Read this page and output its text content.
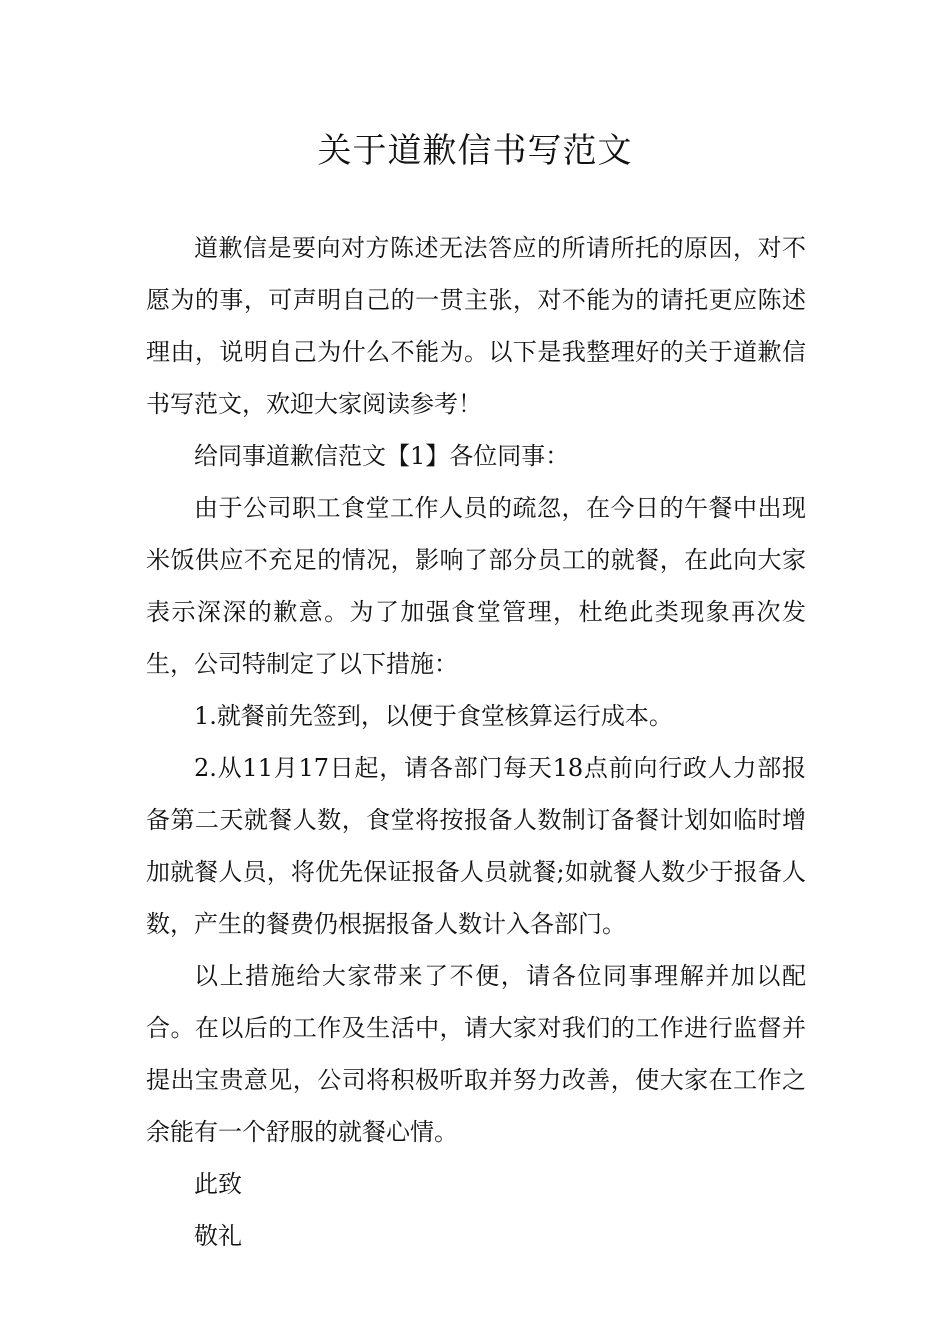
关于道歉信书写范文

道歉信是要向对方陈述无法答应的所请所托的原因，对不愿为的事，可声明自己的一贯主张，对不能为的请托更应陈述理由，说明自己为什么不能为。以下是我整理好的关于道歉信书写范文，欢迎大家阅读参考！

给同事道歉信范文【1】各位同事：

由于公司职工食堂工作人员的疏忽，在今日的午餐中出现米饭供应不充足的情况，影响了部分员工的就餐，在此向大家表示深深的歉意。为了加强食堂管理，杜绝此类现象再次发生，公司特制定了以下措施：

1.就餐前先签到，以便于食堂核算运行成本。

2.从11月17日起，请各部门每天18点前向行政人力部报备第二天就餐人数，食堂将按报备人数制订备餐计划如临时增加就餐人员，将优先保证报备人员就餐;如就餐人数少于报备人数，产生的餐费仍根据报备人数计入各部门。

以上措施给大家带来了不便，请各位同事理解并加以配合。在以后的工作及生活中，请大家对我们的工作进行监督并提出宝贵意见，公司将积极听取并努力改善，使大家在工作之余能有一个舒服的就餐心情。

此致

敬礼
